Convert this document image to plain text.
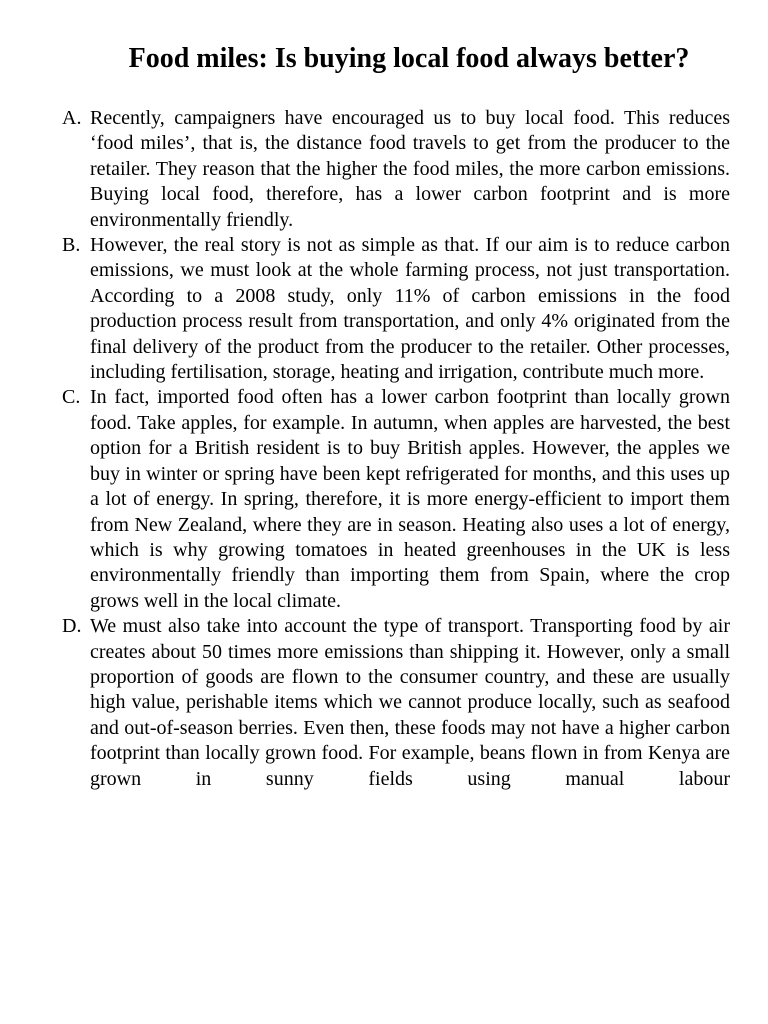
Food miles: Is buying local food always better?
A. Recently, campaigners have encouraged us to buy local food. This reduces ‘food miles’, that is, the distance food travels to get from the producer to the retailer. They reason that the higher the food miles, the more carbon emissions. Buying local food, therefore, has a lower carbon footprint and is more environmentally friendly.
B. However, the real story is not as simple as that. If our aim is to reduce carbon emissions, we must look at the whole farming process, not just transportation. According to a 2008 study, only 11% of carbon emissions in the food production process result from transportation, and only 4% originated from the final delivery of the product from the producer to the retailer. Other processes, including fertilisation, storage, heating and irrigation, contribute much more.
C. In fact, imported food often has a lower carbon footprint than locally grown food. Take apples, for example. In autumn, when apples are harvested, the best option for a British resident is to buy British apples. However, the apples we buy in winter or spring have been kept refrigerated for months, and this uses up a lot of energy. In spring, therefore, it is more energy-efficient to import them from New Zealand, where they are in season. Heating also uses a lot of energy, which is why growing tomatoes in heated greenhouses in the UK is less environmentally friendly than importing them from Spain, where the crop grows well in the local climate.
D. We must also take into account the type of transport. Transporting food by air creates about 50 times more emissions than shipping it. However, only a small proportion of goods are flown to the consumer country, and these are usually high value, perishable items which we cannot produce locally, such as seafood and out-of-season berries. Even then, these foods may not have a higher carbon footprint than locally grown food. For example, beans flown in from Kenya are grown in sunny fields using manual labour
